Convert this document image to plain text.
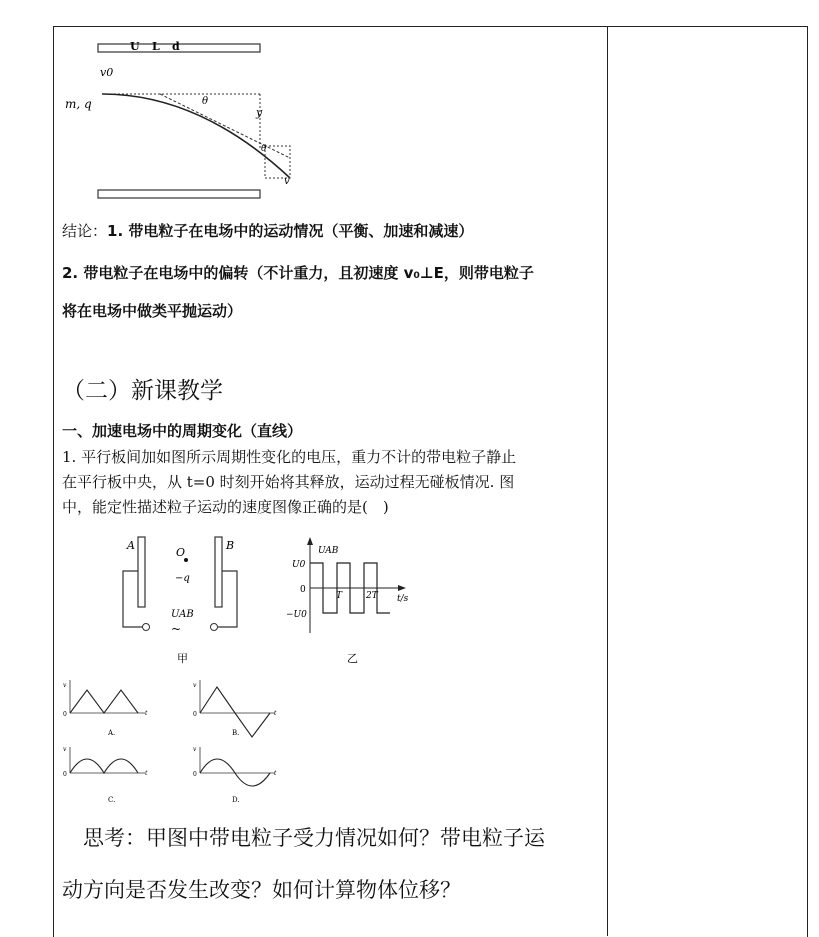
U L d
v0
m, q	θ
y
θ
v
结论：1. 带电粒子在电场中的运动情况（平衡、加速和减速）
2. 带电粒子在电场中的偏转（不计重力，且初速度 v₀⊥E，则带电粒子
将在电场中做类平抛运动）
（二）新课教学
一、加速电场中的周期变化（直线）
1. 平行板间加如图所示周期性变化的电压，重力不计的带电粒子静止
在平行板中央，从 t=0 时刻开始将其释放，运动过程无碰板情况. 图
中，能定性描述粒子运动的速度图像正确的是(　)
A	B
O
−q
UAB
~
甲
UAB
U0
0
−U0
T	2T t/s
乙
v
0	t
A.
v
0	t
B.
v
0	t
C.
v
0	t
D.
　思考：甲图中带电粒子受力情况如何？带电粒子运
动方向是否发生改变？如何计算物体位移？
